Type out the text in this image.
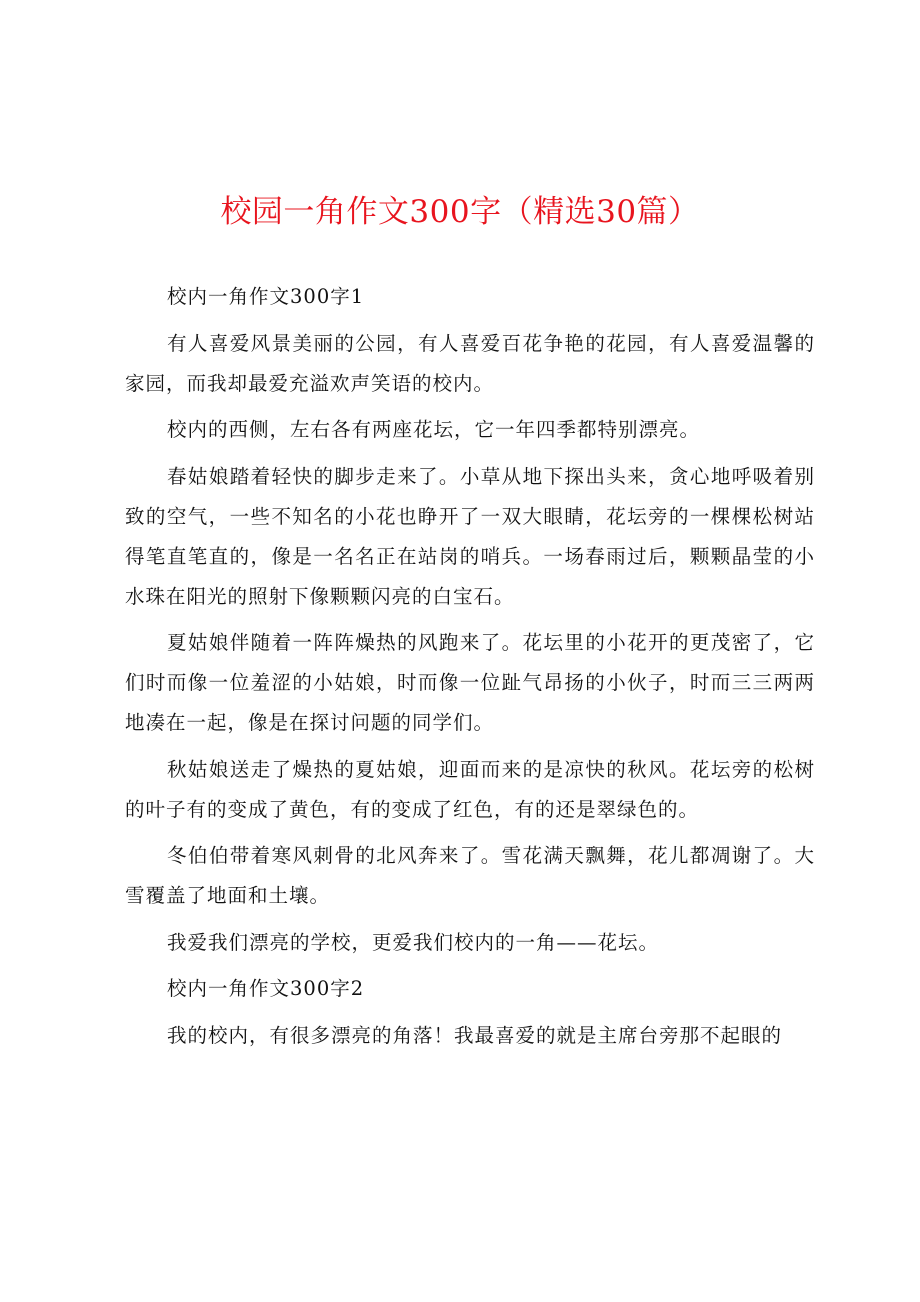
校园一角作文300字（精选30篇）

校内一角作文300字1

有人喜爱风景美丽的公园，有人喜爱百花争艳的花园，有人喜爱温馨的家园，而我却最爱充溢欢声笑语的校内。

校内的西侧，左右各有两座花坛，它一年四季都特别漂亮。

春姑娘踏着轻快的脚步走来了。小草从地下探出头来，贪心地呼吸着别致的空气，一些不知名的小花也睁开了一双大眼睛，花坛旁的一棵棵松树站得笔直笔直的，像是一名名正在站岗的哨兵。一场春雨过后，颗颗晶莹的小水珠在阳光的照射下像颗颗闪亮的白宝石。

夏姑娘伴随着一阵阵燥热的风跑来了。花坛里的小花开的更茂密了，它们时而像一位羞涩的小姑娘，时而像一位趾气昂扬的小伙子，时而三三两两地凑在一起，像是在探讨问题的同学们。

秋姑娘送走了燥热的夏姑娘，迎面而来的是凉快的秋风。花坛旁的松树的叶子有的变成了黄色，有的变成了红色，有的还是翠绿色的。

冬伯伯带着寒风刺骨的北风奔来了。雪花满天飘舞，花儿都凋谢了。大雪覆盖了地面和土壤。

我爱我们漂亮的学校，更爱我们校内的一角——花坛。

校内一角作文300字2

我的校内，有很多漂亮的角落！我最喜爱的就是主席台旁那不起眼的
